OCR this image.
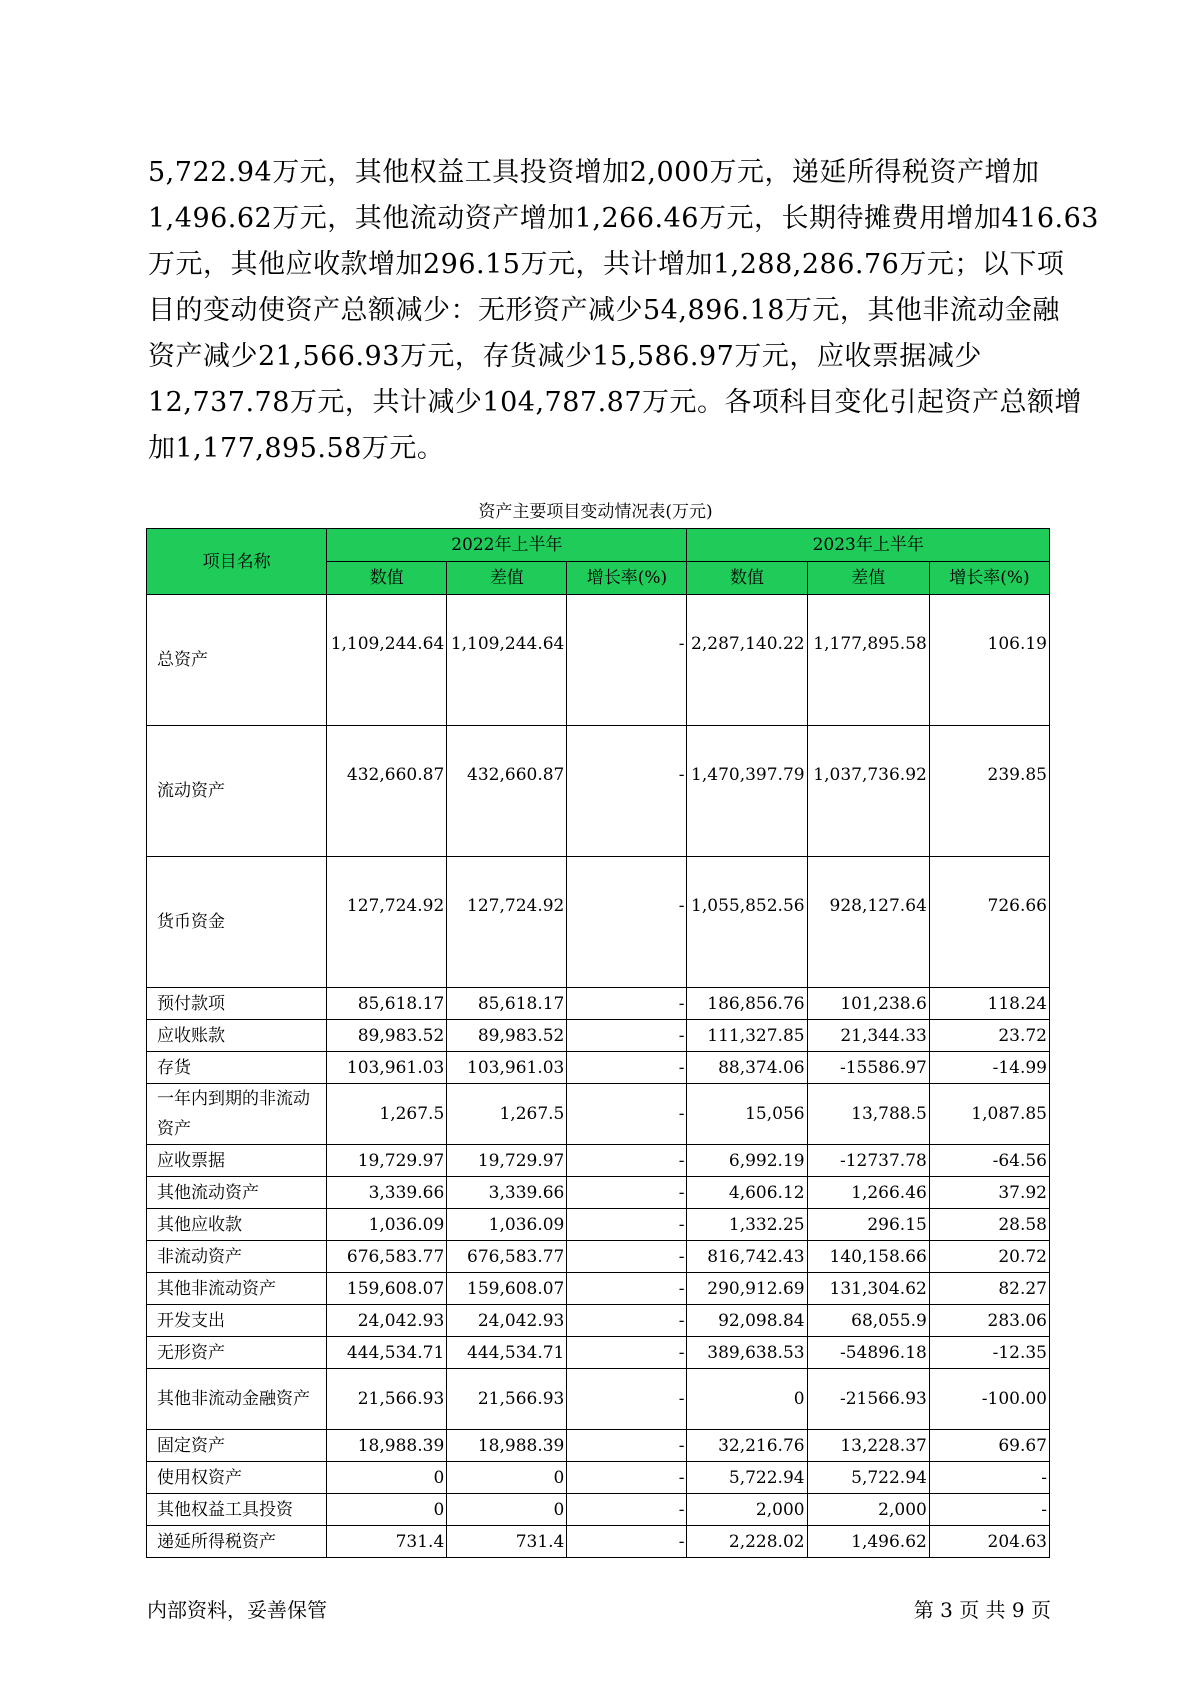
5,722.94万元，其他权益工具投资增加2,000万元，递延所得税资产增加
1,496.62万元，其他流动资产增加1,266.46万元，长期待摊费用增加416.63
万元，其他应收款增加296.15万元，共计增加1,288,286.76万元；以下项
目的变动使资产总额减少：无形资产减少54,896.18万元，其他非流动金融
资产减少21,566.93万元，存货减少15,586.97万元，应收票据减少
12,737.78万元，共计减少104,787.87万元。各项科目变化引起资产总额增
加1,177,895.58万元。

资产主要项目变动情况表(万元)
项目名称	2022年上半年			2023年上半年		
	数值	差值	增长率(%)	数值	差值	增长率(%)
总资产	1,109,244.64	1,109,244.64	-	2,287,140.22	1,177,895.58	106.19
流动资产	432,660.87	432,660.87	-	1,470,397.79	1,037,736.92	239.85
货币资金	127,724.92	127,724.92	-	1,055,852.56	928,127.64	726.66
预付款项	85,618.17	85,618.17	-	186,856.76	101,238.6	118.24
应收账款	89,983.52	89,983.52	-	111,327.85	21,344.33	23.72
存货	103,961.03	103,961.03	-	88,374.06	-15586.97	-14.99
一年内到期的非流动资产	1,267.5	1,267.5	-	15,056	13,788.5	1,087.85
应收票据	19,729.97	19,729.97	-	6,992.19	-12737.78	-64.56
其他流动资产	3,339.66	3,339.66	-	4,606.12	1,266.46	37.92
其他应收款	1,036.09	1,036.09	-	1,332.25	296.15	28.58
非流动资产	676,583.77	676,583.77	-	816,742.43	140,158.66	20.72
其他非流动资产	159,608.07	159,608.07	-	290,912.69	131,304.62	82.27
开发支出	24,042.93	24,042.93	-	92,098.84	68,055.9	283.06
无形资产	444,534.71	444,534.71	-	389,638.53	-54896.18	-12.35
其他非流动金融资产	21,566.93	21,566.93	-	0	-21566.93	-100.00
固定资产	18,988.39	18,988.39	-	32,216.76	13,228.37	69.67
使用权资产	0	0	-	5,722.94	5,722.94	-
其他权益工具投资	0	0	-	2,000	2,000	-
递延所得税资产	731.4	731.4	-	2,228.02	1,496.62	204.63
内部资料，妥善保管	第 3 页 共 9 页
